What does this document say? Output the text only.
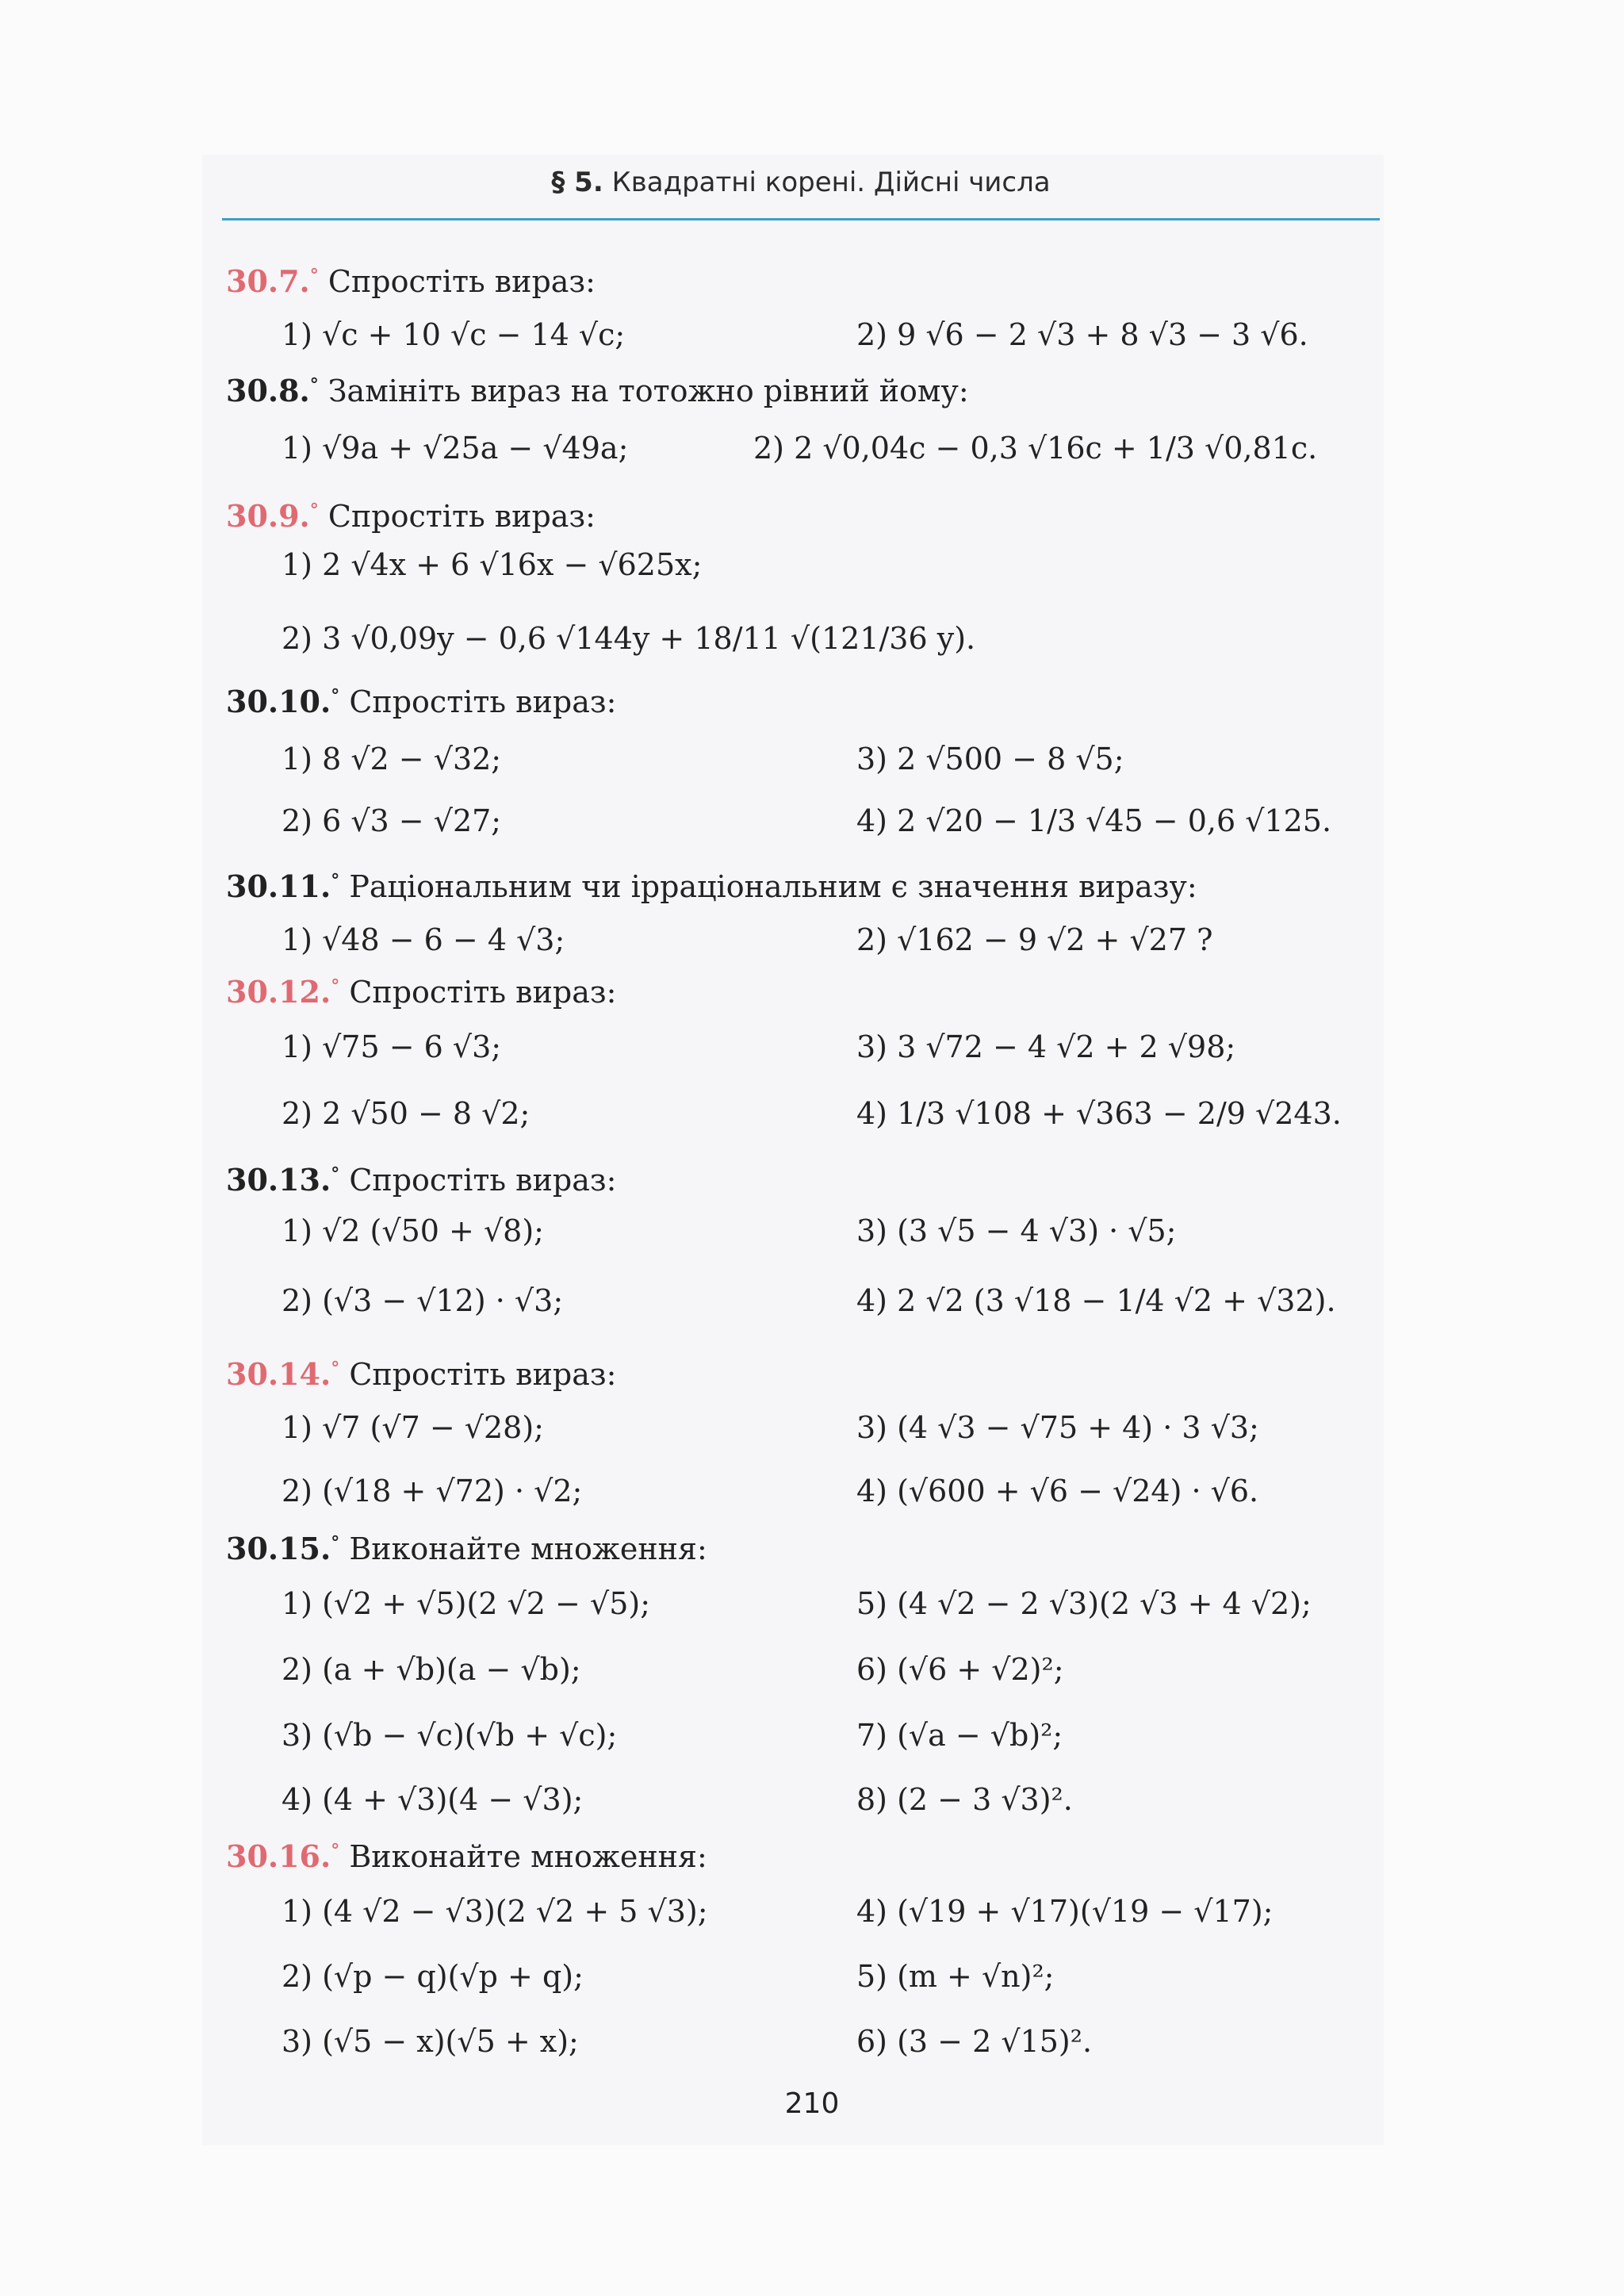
§ 5. Квадратні корені. Дійсні числа
30.7.° Спростіть вираз:
1) √c + 10 √c − 14 √c;	2) 9 √6 − 2 √3 + 8 √3 − 3 √6.
30.8.° Замініть вираз на тотожно рівний йому:
1) √9a + √25a − √49a;	2) 2 √0,04c − 0,3 √16c + 1/3 √0,81c.
30.9.° Спростіть вираз:
1) 2 √4x + 6 √16x − √625x;
2) 3 √0,09y − 0,6 √144y + 18/11 √(121/36 y).
30.10.° Спростіть вираз:
1) 8 √2 − √32;	3) 2 √500 − 8 √5;
2) 6 √3 − √27;	4) 2 √20 − 1/3 √45 − 0,6 √125.
30.11.° Раціональним чи ірраціональним є значення виразу:
1) √48 − 6 − 4 √3;	2) √162 − 9 √2 + √27 ?
30.12.° Спростіть вираз:
1) √75 − 6 √3;	3) 3 √72 − 4 √2 + 2 √98;
2) 2 √50 − 8 √2;	4) 1/3 √108 + √363 − 2/9 √243.
30.13.° Спростіть вираз:
1) √2 (√50 + √8);	3) (3 √5 − 4 √3) · √5;
2) (√3 − √12) · √3;	4) 2 √2 (3 √18 − 1/4 √2 + √32).
30.14.° Спростіть вираз:
1) √7 (√7 − √28);	3) (4 √3 − √75 + 4) · 3 √3;
2) (√18 + √72) · √2;	4) (√600 + √6 − √24) · √6.
30.15.° Виконайте множення:
1) (√2 + √5)(2 √2 − √5);	5) (4 √2 − 2 √3)(2 √3 + 4 √2);
2) (a + √b)(a − √b);	6) (√6 + √2)²;
3) (√b − √c)(√b + √c);	7) (√a − √b)²;
4) (4 + √3)(4 − √3);	8) (2 − 3 √3)².
30.16.° Виконайте множення:
1) (4 √2 − √3)(2 √2 + 5 √3);	4) (√19 + √17)(√19 − √17);
2) (√p − q)(√p + q);	5) (m + √n)²;
3) (√5 − x)(√5 + x);	6) (3 − 2 √15)².
210
